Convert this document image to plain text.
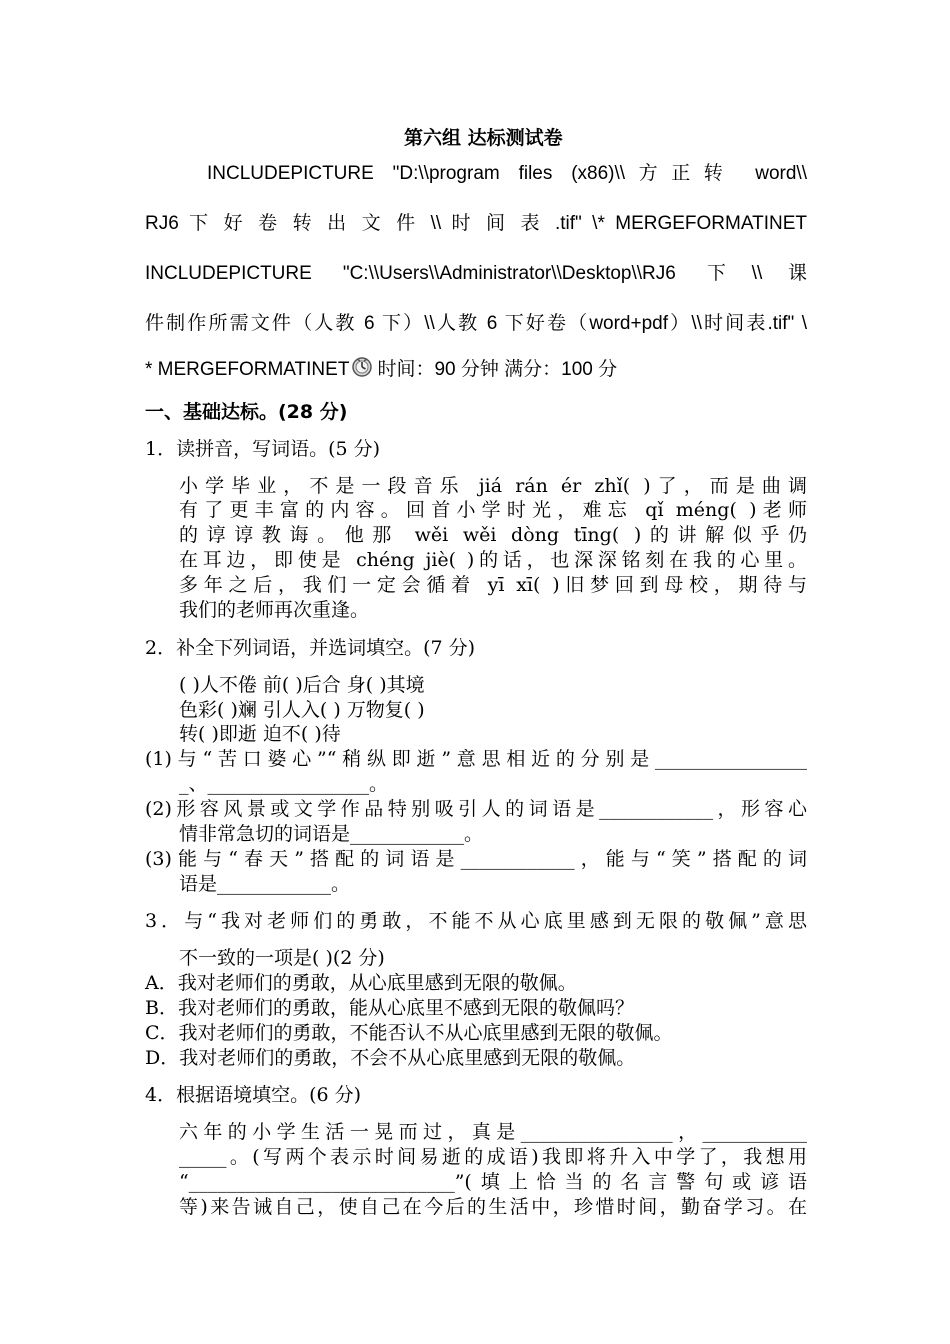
第六组 达标测试卷
INCLUDEPICTURE "D:\\program files (x86)\\方正转 word\\
RJ6 下 好 卷 转 出 文 件 \\ 时 间 表 .tif" \* MERGEFORMATINET
INCLUDEPICTURE "C:\\Users\\Administrator\\Desktop\\RJ6 下\\课
件制作所需文件（人教 6 下）\\人教 6 下好卷（word+pdf）\\时间表.tif" \
* MERGEFORMATINET 时间：90 分钟 满分：100 分
一、基础达标。(28 分)
1．读拼音，写词语。(5 分)
小学毕业，不是一段音乐 jiá rán ér zhǐ( )了，而是曲调
有了更丰富的内容。回首小学时光，难忘 qǐ méng( )老师
的谆谆教诲。他那 wěi wěi dòng tīng( )的讲解似乎仍
在耳边，即使是 chéng jiè( )的话，也深深铭刻在我的心里。
多年之后，我们一定会循着 yī xī( )旧梦回到母校，期待与
我们的老师再次重逢。
2．补全下列词语，并选词填空。(7 分)
( )人不倦 前( )后合 身( )其境
色彩( )斓 引人入( ) 万物复( )
转( )即逝 迫不( )待
(1)与“苦口婆心”“稍纵即逝”意思相近的分别是________________
_、_________________。
(2)形容风景或文学作品特别吸引人的词语是____________，形容心
情非常急切的词语是____________。
(3)能与“春天”搭配的词语是____________，能与“笑”搭配的词
语是____________。
3．与“我对老师们的勇敢，不能不从心底里感到无限的敬佩”意思
不一致的一项是( )(2 分)
A．我对老师们的勇敢，从心底里感到无限的敬佩。
B．我对老师们的勇敢，能从心底里不感到无限的敬佩吗？
C．我对老师们的勇敢，不能否认不从心底里感到无限的敬佩。
D．我对老师们的勇敢，不会不从心底里感到无限的敬佩。
4．根据语境填空。(6 分)
六年的小学生活一晃而过，真是________________，___________
_____。(写两个表示时间易逝的成语)我即将升入中学了，我想用
“____________________________”(填上恰当的名言警句或谚语
等)来告诫自己，使自己在今后的生活中，珍惜时间，勤奋学习。在
